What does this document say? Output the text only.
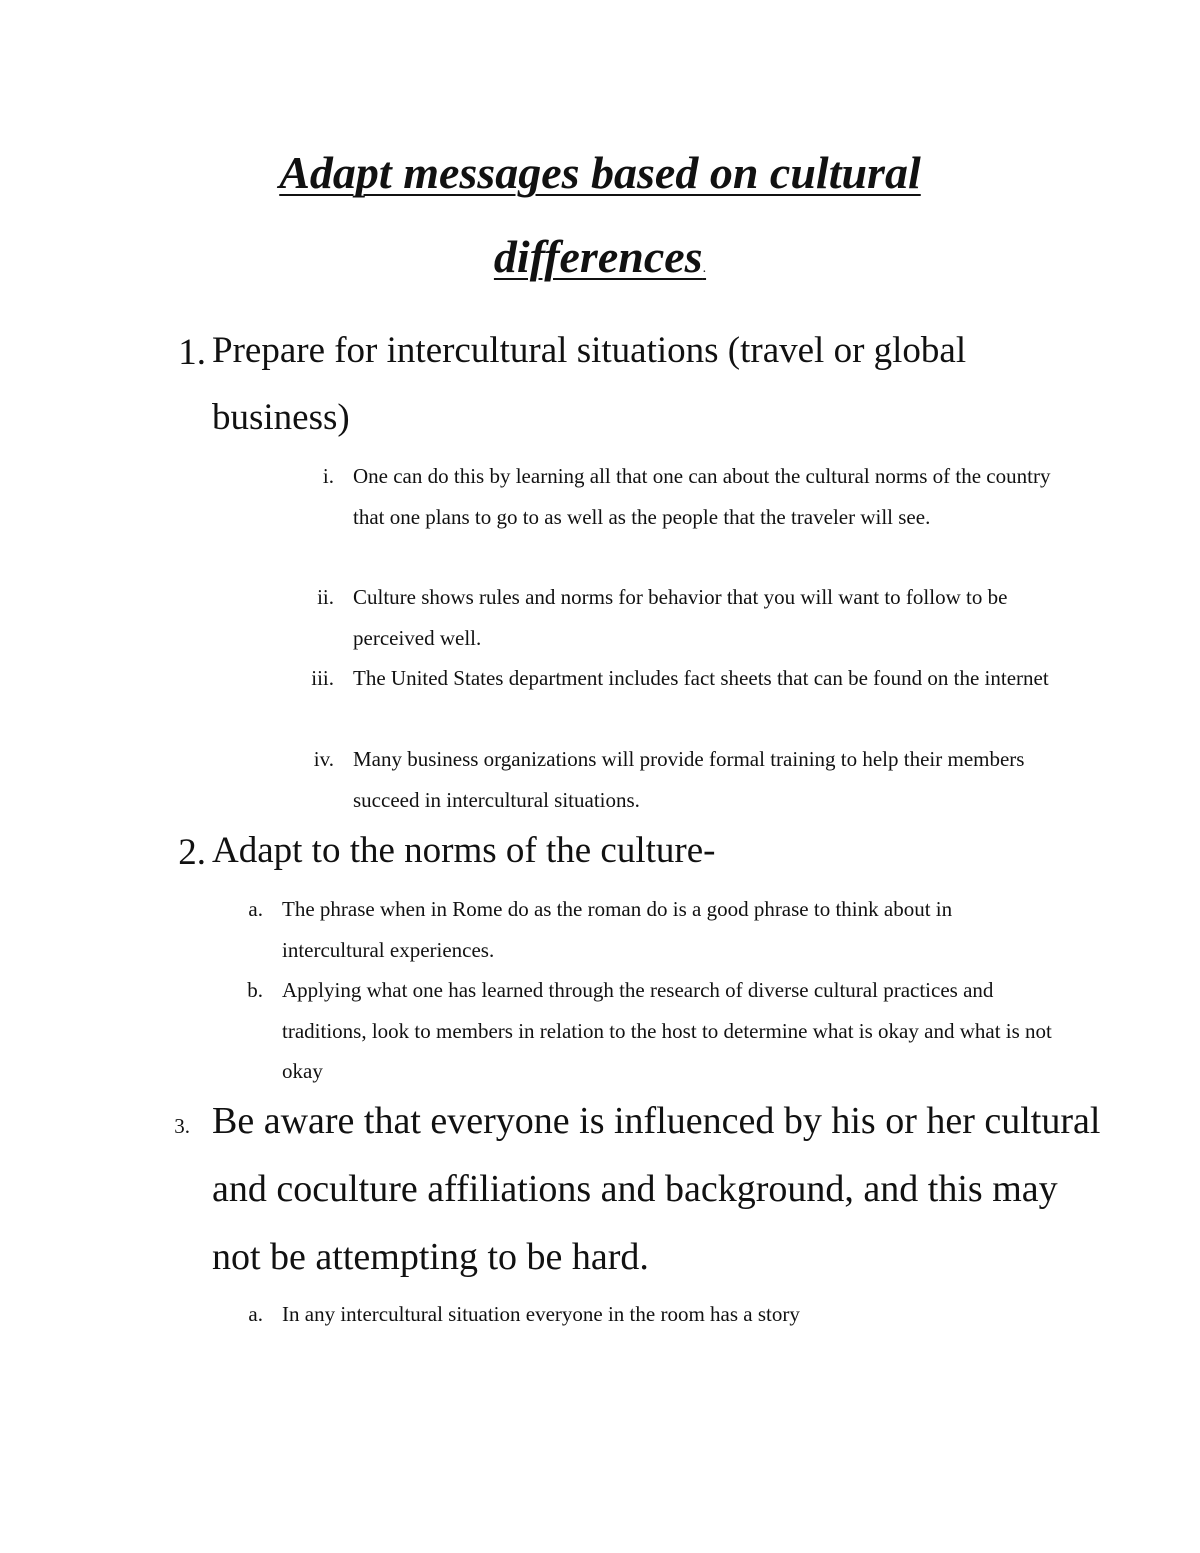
Adapt messages based on cultural
differences.
1. Prepare for intercultural situations (travel or global business)
i. One can do this by learning all that one can about the cultural norms of the country that one plans to go to as well as the people that the traveler will see.
ii. Culture shows rules and norms for behavior that you will want to follow to be perceived well.
iii. The United States department includes fact sheets that can be found on the internet
iv. Many business organizations will provide formal training to help their members succeed in intercultural situations.
2. Adapt to the norms of the culture-
a. The phrase when in Rome do as the roman do is a good phrase to think about in intercultural experiences.
b. Applying what one has learned through the research of diverse cultural practices and traditions, look to members in relation to the host to determine what is okay and what is not okay
3. Be aware that everyone is influenced by his or her cultural and coculture affiliations and background, and this may not be attempting to be hard.
a. In any intercultural situation everyone in the room has a story
